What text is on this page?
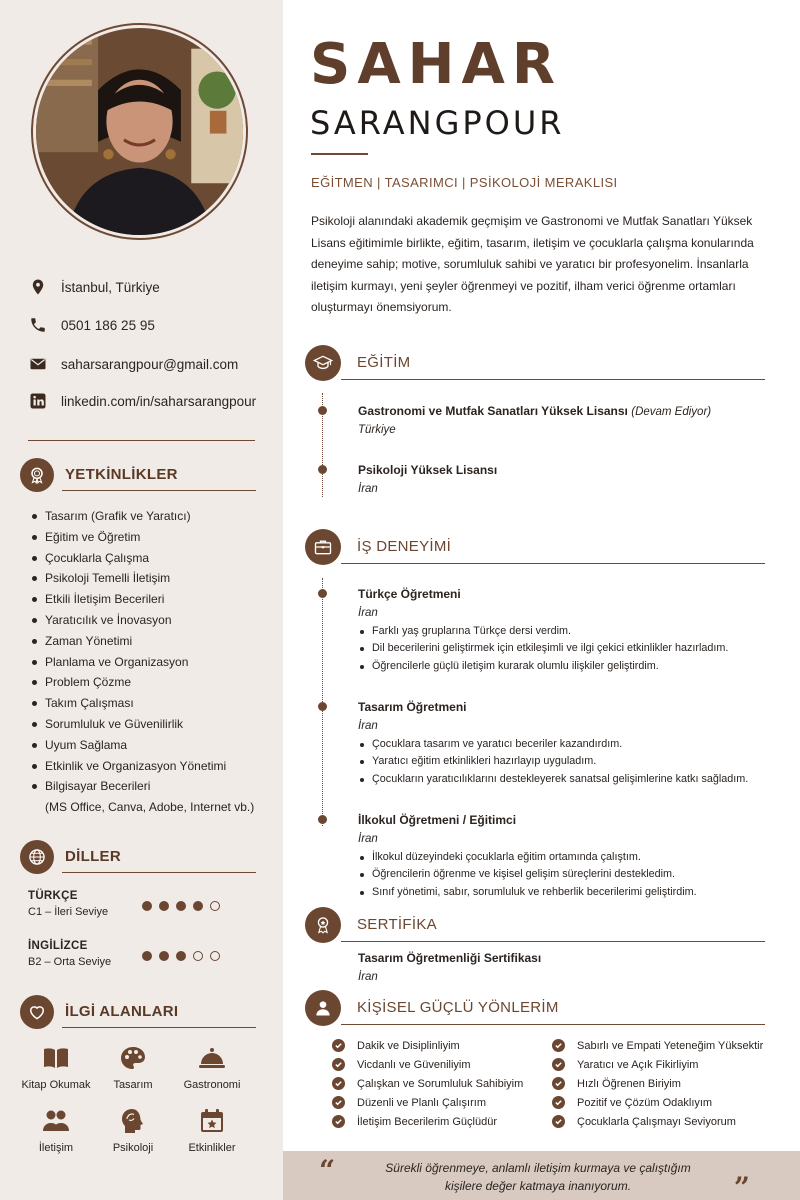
İstanbul, Türkiye
0501 186 25 95
saharsarangpour@gmail.com
linkedin.com/in/saharsarangpour
YETKİNLİKLER
Tasarım (Grafik ve Yaratıcı)
Eğitim ve Öğretim
Çocuklarla Çalışma
Psikoloji Temelli İletişim
Etkili İletişim Becerileri
Yaratıcılık ve İnovasyon
Zaman Yönetimi
Planlama ve Organizasyon
Problem Çözme
Takım Çalışması
Sorumluluk ve Güvenilirlik
Uyum Sağlama
Etkinlik ve Organizasyon Yönetimi
Bilgisayar Becerileri
(MS Office, Canva, Adobe, Internet vb.)
DİLLER
TÜRKÇE
C1 – İleri Seviye
İNGİLİZCE
B2 – Orta Seviye
İLGİ ALANLARI
Kitap Okumak	Tasarım	Gastronomi
İletişim	Psikoloji	Etkinlikler
SAHAR
SARANGPOUR
EĞİTMEN | TASARIMCI | PSİKOLOJİ MERAKLISI
Psikoloji alanındaki akademik geçmişim ve Gastronomi ve Mutfak Sanatları Yüksek Lisans eğitimimle birlikte, eğitim, tasarım, iletişim ve çocuklarla çalışma konularında deneyime sahip; motive, sorumluluk sahibi ve yaratıcı bir profesyonelim. İnsanlarla iletişim kurmayı, yeni şeyler öğrenmeyi ve pozitif, ilham verici öğrenme ortamları oluşturmayı önemsiyorum.
EĞİTİM
Gastronomi ve Mutfak Sanatları Yüksek Lisansı (Devam Ediyor)
Türkiye
Psikoloji Yüksek Lisansı
İran
İŞ DENEYİMİ
Türkçe Öğretmeni
İran
Farklı yaş gruplarına Türkçe dersi verdim.
Dil becerilerini geliştirmek için etkileşimli ve ilgi çekici etkinlikler hazırladım.
Öğrencilerle güçlü iletişim kurarak olumlu ilişkiler geliştirdim.
Tasarım Öğretmeni
İran
Çocuklara tasarım ve yaratıcı beceriler kazandırdım.
Yaratıcı eğitim etkinlikleri hazırlayıp uyguladım.
Çocukların yaratıcılıklarını destekleyerek sanatsal gelişimlerine katkı sağladım.
İlkokul Öğretmeni / Eğitimci
İran
İlkokul düzeyindeki çocuklarla eğitim ortamında çalıştım.
Öğrencilerin öğrenme ve kişisel gelişim süreçlerini destekledim.
Sınıf yönetimi, sabır, sorumluluk ve rehberlik becerilerimi geliştirdim.
SERTİFİKA
Tasarım Öğretmenliği Sertifikası
İran
KİŞİSEL GÜÇLÜ YÖNLERİM
Dakik ve Disiplinliyim
Vicdanlı ve Güveniliyim
Çalışkan ve Sorumluluk Sahibiyim
Düzenli ve Planlı Çalışırım
İletişim Becerilerim Güçlüdür
Sabırlı ve Empati Yeteneğim Yüksektir
Yaratıcı ve Açık Fikirliyim
Hızlı Öğrenen Biriyim
Pozitif ve Çözüm Odaklıyım
Çocuklarla Çalışmayı Seviyorum
“	Sürekli öğrenmeye, anlamlı iletişim kurmaya ve çalıştığım
kişilere değer katmaya inanıyorum.	”
